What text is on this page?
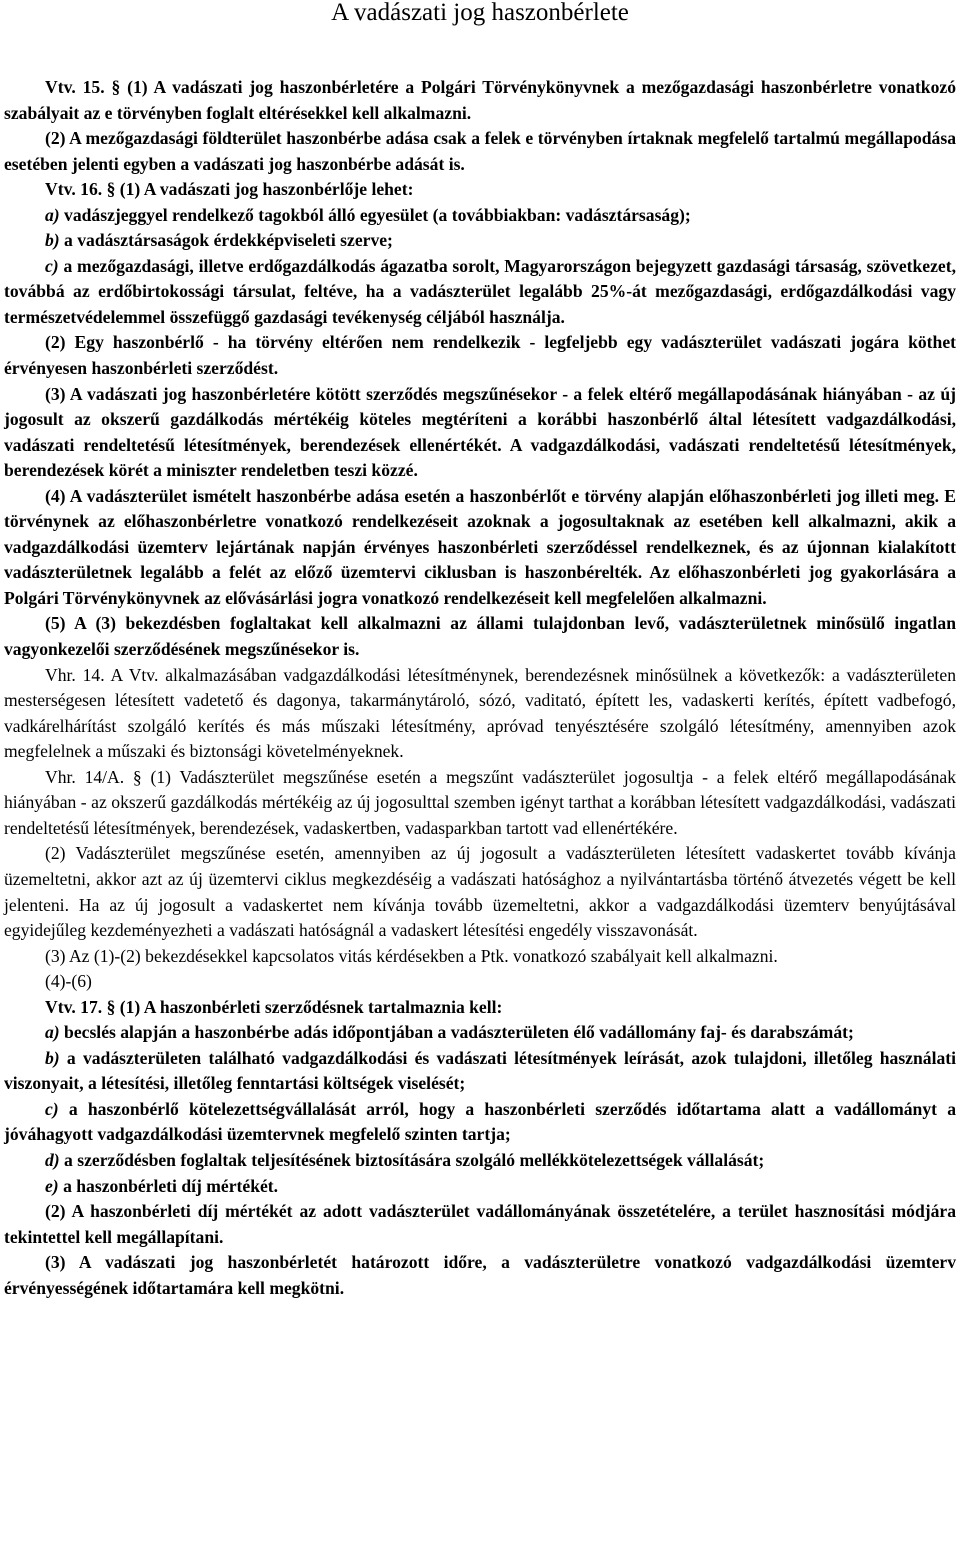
A vadászati jog haszonbérlete

Vtv. 15. § (1) A vadászati jog haszonbérletére a Polgári Törvénykönyvnek a mezőgazdasági haszonbérletre vonatkozó szabályait az e törvényben foglalt eltérésekkel kell alkalmazni.

(2) A mezőgazdasági földterület haszonbérbe adása csak a felek e törvényben írtaknak megfelelő tartalmú megállapodása esetében jelenti egyben a vadászati jog haszonbérbe adását is.

Vtv. 16. § (1) A vadászati jog haszonbérlője lehet:

a) vadászjeggyel rendelkező tagokból álló egyesület (a továbbiakban: vadásztársaság);

b) a vadásztársaságok érdekképviseleti szerve;

c) a mezőgazdasági, illetve erdőgazdálkodás ágazatba sorolt, Magyarországon bejegyzett gazdasági társaság, szövetkezet, továbbá az erdőbirtokossági társulat, feltéve, ha a vadászterület legalább 25%-át mezőgazdasági, erdőgazdálkodási vagy természetvédelemmel összefüggő gazdasági tevékenység céljából használja.

(2) Egy haszonbérlő - ha törvény eltérően nem rendelkezik - legfeljebb egy vadászterület vadászati jogára köthet érvényesen haszonbérleti szerződést.

(3) A vadászati jog haszonbérletére kötött szerződés megszűnésekor - a felek eltérő megállapodásának hiányában - az új jogosult az okszerű gazdálkodás mértékéig köteles megtéríteni a korábbi haszonbérlő által létesített vadgazdálkodási, vadászati rendeltetésű létesítmények, berendezések ellenértékét. A vadgazdálkodási, vadászati rendeltetésű létesítmények, berendezések körét a miniszter rendeletben teszi közzé.

(4) A vadászterület ismételt haszonbérbe adása esetén a haszonbérlőt e törvény alapján előhaszonbérleti jog illeti meg. E törvénynek az előhaszonbérletre vonatkozó rendelkezéseit azoknak a jogosultaknak az esetében kell alkalmazni, akik a vadgazdálkodási üzemterv lejártának napján érvényes haszonbérleti szerződéssel rendelkeznek, és az újonnan kialakított vadászterületnek legalább a felét az előző üzemtervi ciklusban is haszonbérelték. Az előhaszonbérleti jog gyakorlására a Polgári Törvénykönyvnek az elővásárlási jogra vonatkozó rendelkezéseit kell megfelelően alkalmazni.

(5) A (3) bekezdésben foglaltakat kell alkalmazni az állami tulajdonban levő, vadászterületnek minősülő ingatlan vagyonkezelői szerződésének megszűnésekor is.

Vhr. 14. A Vtv. alkalmazásában vadgazdálkodási létesítménynek, berendezésnek minősülnek a következők: a vadászterületen mesterségesen létesített vadetető és dagonya, takarmánytároló, sózó, vaditató, épített les, vadaskerti kerítés, épített vadbefogó, vadkárelhárítást szolgáló kerítés és más műszaki létesítmény, apróvad tenyésztésére szolgáló létesítmény, amennyiben azok megfelelnek a műszaki és biztonsági követelményeknek.

Vhr. 14/A. § (1) Vadászterület megszűnése esetén a megszűnt vadászterület jogosultja - a felek eltérő megállapodásának hiányában - az okszerű gazdálkodás mértékéig az új jogosulttal szemben igényt tarthat a korábban létesített vadgazdálkodási, vadászati rendeltetésű létesítmények, berendezések, vadaskertben, vadasparkban tartott vad ellenértékére.

(2) Vadászterület megszűnése esetén, amennyiben az új jogosult a vadászterületen létesített vadaskertet tovább kívánja üzemeltetni, akkor azt az új üzemtervi ciklus megkezdéséig a vadászati hatósághoz a nyilvántartásba történő átvezetés végett be kell jelenteni. Ha az új jogosult a vadaskertet nem kívánja tovább üzemeltetni, akkor a vadgazdálkodási üzemterv benyújtásával egyidejűleg kezdeményezheti a vadászati hatóságnál a vadaskert létesítési engedély visszavonását.

(3) Az (1)-(2) bekezdésekkel kapcsolatos vitás kérdésekben a Ptk. vonatkozó szabályait kell alkalmazni.

(4)-(6)

Vtv. 17. § (1) A haszonbérleti szerződésnek tartalmaznia kell:

a) becslés alapján a haszonbérbe adás időpontjában a vadászterületen élő vadállomány faj- és darabszámát;

b) a vadászterületen található vadgazdálkodási és vadászati létesítmények leírását, azok tulajdoni, illetőleg használati viszonyait, a létesítési, illetőleg fenntartási költségek viselését;

c) a haszonbérlő kötelezettségvállalását arról, hogy a haszonbérleti szerződés időtartama alatt a vadállományt a jóváhagyott vadgazdálkodási üzemtervnek megfelelő szinten tartja;

d) a szerződésben foglaltak teljesítésének biztosítására szolgáló mellékkötelezettségek vállalását;

e) a haszonbérleti díj mértékét.

(2) A haszonbérleti díj mértékét az adott vadászterület vadállományának összetételére, a terület hasznosítási módjára tekintettel kell megállapítani.

(3) A vadászati jog haszonbérletét határozott időre, a vadászterületre vonatkozó vadgazdálkodási üzemterv érvényességének időtartamára kell megkötni.
